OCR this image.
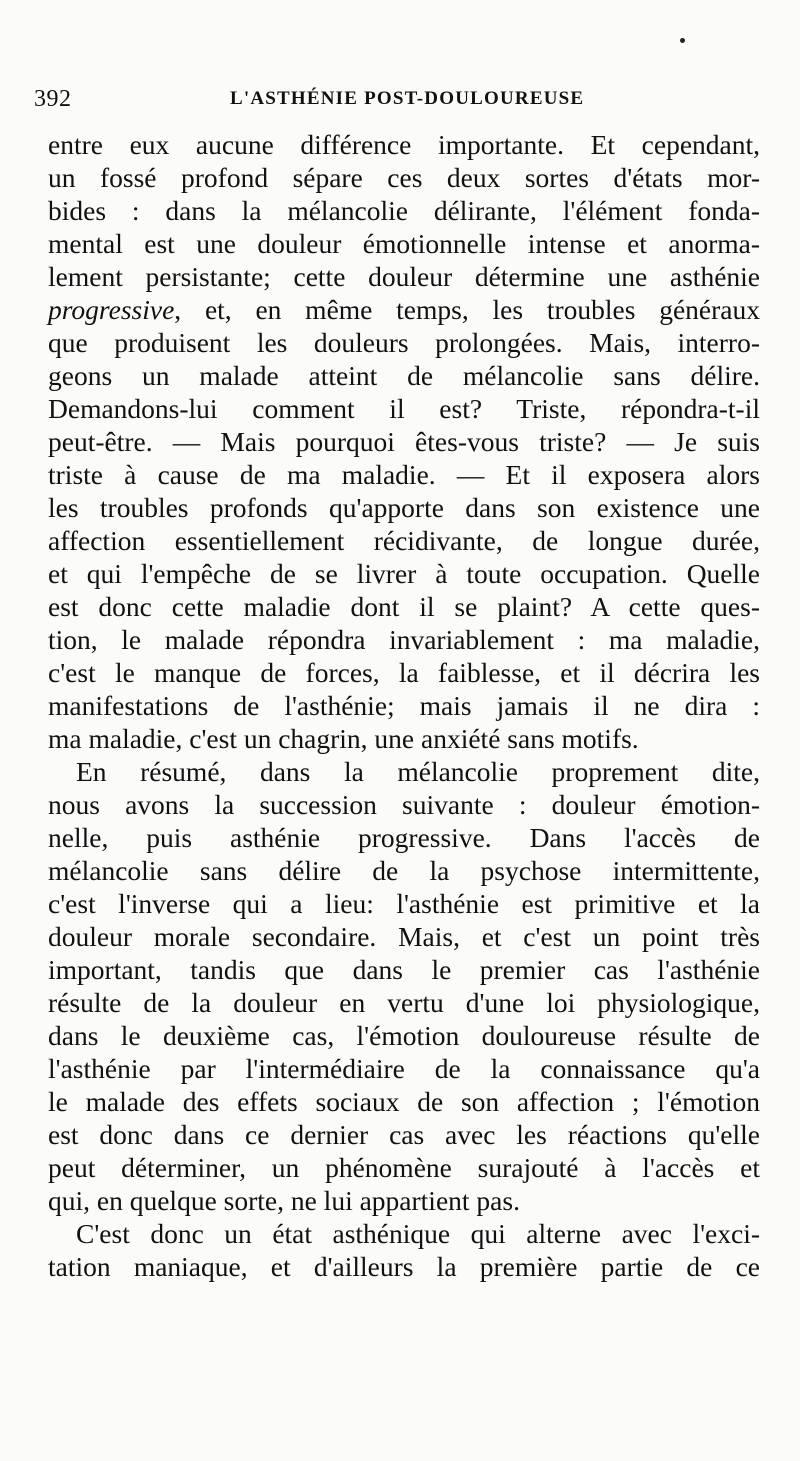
392	L'ASTHÉNIE POST-DOULOUREUSE
entre eux aucune différence importante. Et cependant,
un fossé profond sépare ces deux sortes d'états mor-
bides : dans la mélancolie délirante, l'élément fonda-
mental est une douleur émotionnelle intense et anorma-
lement persistante; cette douleur détermine une asthénie
progressive, et, en même temps, les troubles généraux
que produisent les douleurs prolongées. Mais, interro-
geons un malade atteint de mélancolie sans délire.
Demandons-lui comment il est? Triste, répondra-t-il
peut-être. — Mais pourquoi êtes-vous triste? — Je suis
triste à cause de ma maladie. — Et il exposera alors
les troubles profonds qu'apporte dans son existence une
affection essentiellement récidivante, de longue durée,
et qui l'empêche de se livrer à toute occupation. Quelle
est donc cette maladie dont il se plaint? A cette ques-
tion, le malade répondra invariablement : ma maladie,
c'est le manque de forces, la faiblesse, et il décrira les
manifestations de l'asthénie; mais jamais il ne dira :
ma maladie, c'est un chagrin, une anxiété sans motifs.
En résumé, dans la mélancolie proprement dite,
nous avons la succession suivante : douleur émotion-
nelle, puis asthénie progressive. Dans l'accès de
mélancolie sans délire de la psychose intermittente,
c'est l'inverse qui a lieu: l'asthénie est primitive et la
douleur morale secondaire. Mais, et c'est un point très
important, tandis que dans le premier cas l'asthénie
résulte de la douleur en vertu d'une loi physiologique,
dans le deuxième cas, l'émotion douloureuse résulte de
l'asthénie par l'intermédiaire de la connaissance qu'a
le malade des effets sociaux de son affection ; l'émotion
est donc dans ce dernier cas avec les réactions qu'elle
peut déterminer, un phénomène surajouté à l'accès et
qui, en quelque sorte, ne lui appartient pas.
C'est donc un état asthénique qui alterne avec l'exci-
tation maniaque, et d'ailleurs la première partie de ce
